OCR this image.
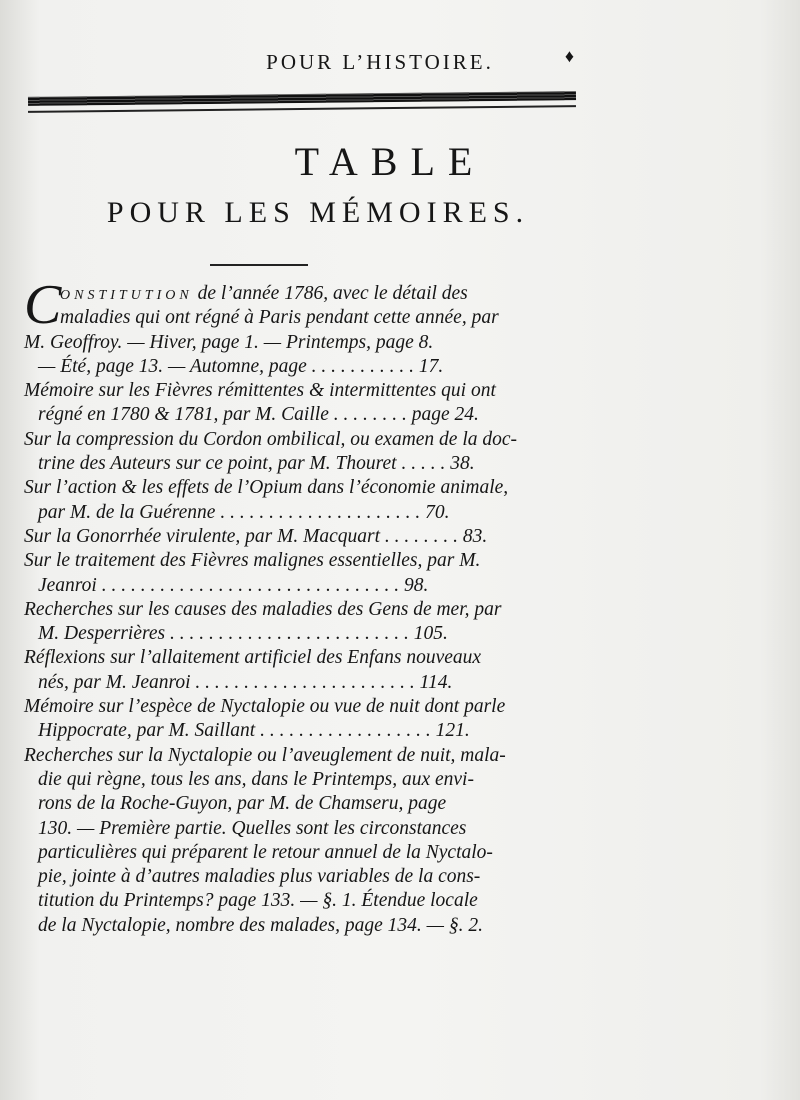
POUR L’HISTOIRE.	♦
TABLE
POUR LES MÉMOIRES.
C
ONSTITUTION de l’année 1786, avec le détail des
maladies qui ont régné à Paris pendant cette année, par
M. Geoffroy. — Hiver, page 1. — Printemps, page 8.
— Été, page 13. — Automne, page . . . . . . . . . . . 17.
Mémoire sur les Fièvres rémittentes & intermittentes qui ont
régné en 1780 & 1781, par M. Caille . . . . . . . . page 24.
Sur la compression du Cordon ombilical, ou examen de la doc-
trine des Auteurs sur ce point, par M. Thouret . . . . . 38.
Sur l’action & les effets de l’Opium dans l’économie animale,
par M. de la Guérenne . . . . . . . . . . . . . . . . . . . . . 70.
Sur la Gonorrhée virulente, par M. Macquart . . . . . . . . 83.
Sur le traitement des Fièvres malignes essentielles, par M.
Jeanroi . . . . . . . . . . . . . . . . . . . . . . . . . . . . . . . 98.
Recherches sur les causes des maladies des Gens de mer, par
M. Desperrières . . . . . . . . . . . . . . . . . . . . . . . . . 105.
Réflexions sur l’allaitement artificiel des Enfans nouveaux
nés, par M. Jeanroi . . . . . . . . . . . . . . . . . . . . . . . 114.
Mémoire sur l’espèce de Nyctalopie ou vue de nuit dont parle
Hippocrate, par M. Saillant . . . . . . . . . . . . . . . . . . 121.
Recherches sur la Nyctalopie ou l’aveuglement de nuit, mala-
die qui règne, tous les ans, dans le Printemps, aux envi-
rons de la Roche-Guyon, par M. de Chamseru, page
130. — Première partie. Quelles sont les circonstances
particulières qui préparent le retour annuel de la Nyctalo-
pie, jointe à d’autres maladies plus variables de la cons-
titution du Printemps? page 133. — §. 1. Étendue locale
de la Nyctalopie, nombre des malades, page 134. — §. 2.
